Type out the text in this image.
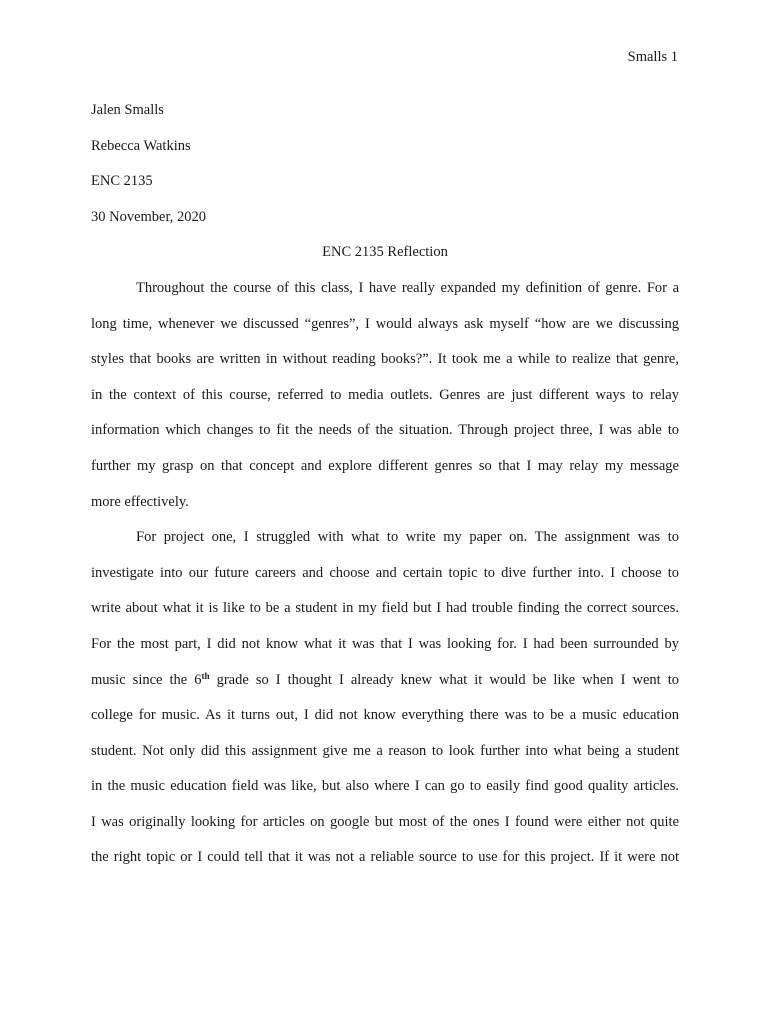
Smalls 1
Jalen Smalls
Rebecca Watkins
ENC 2135
30 November, 2020
ENC 2135 Reflection
Throughout the course of this class, I have really expanded my definition of genre. For a
long time, whenever we discussed “genres”, I would always ask myself “how are we discussing
styles that books are written in without reading books?”. It took me a while to realize that genre,
in the context of this course, referred to media outlets. Genres are just different ways to relay
information which changes to fit the needs of the situation. Through project three, I was able to
further my grasp on that concept and explore different genres so that I may relay my message
more effectively.
For project one, I struggled with what to write my paper on. The assignment was to
investigate into our future careers and choose and certain topic to dive further into. I choose to
write about what it is like to be a student in my field but I had trouble finding the correct sources.
For the most part, I did not know what it was that I was looking for. I had been surrounded by
music since the 6th grade so I thought I already knew what it would be like when I went to
college for music. As it turns out, I did not know everything there was to be a music education
student. Not only did this assignment give me a reason to look further into what being a student
in the music education field was like, but also where I can go to easily find good quality articles.
I was originally looking for articles on google but most of the ones I found were either not quite
the right topic or I could tell that it was not a reliable source to use for this project. If it were not
